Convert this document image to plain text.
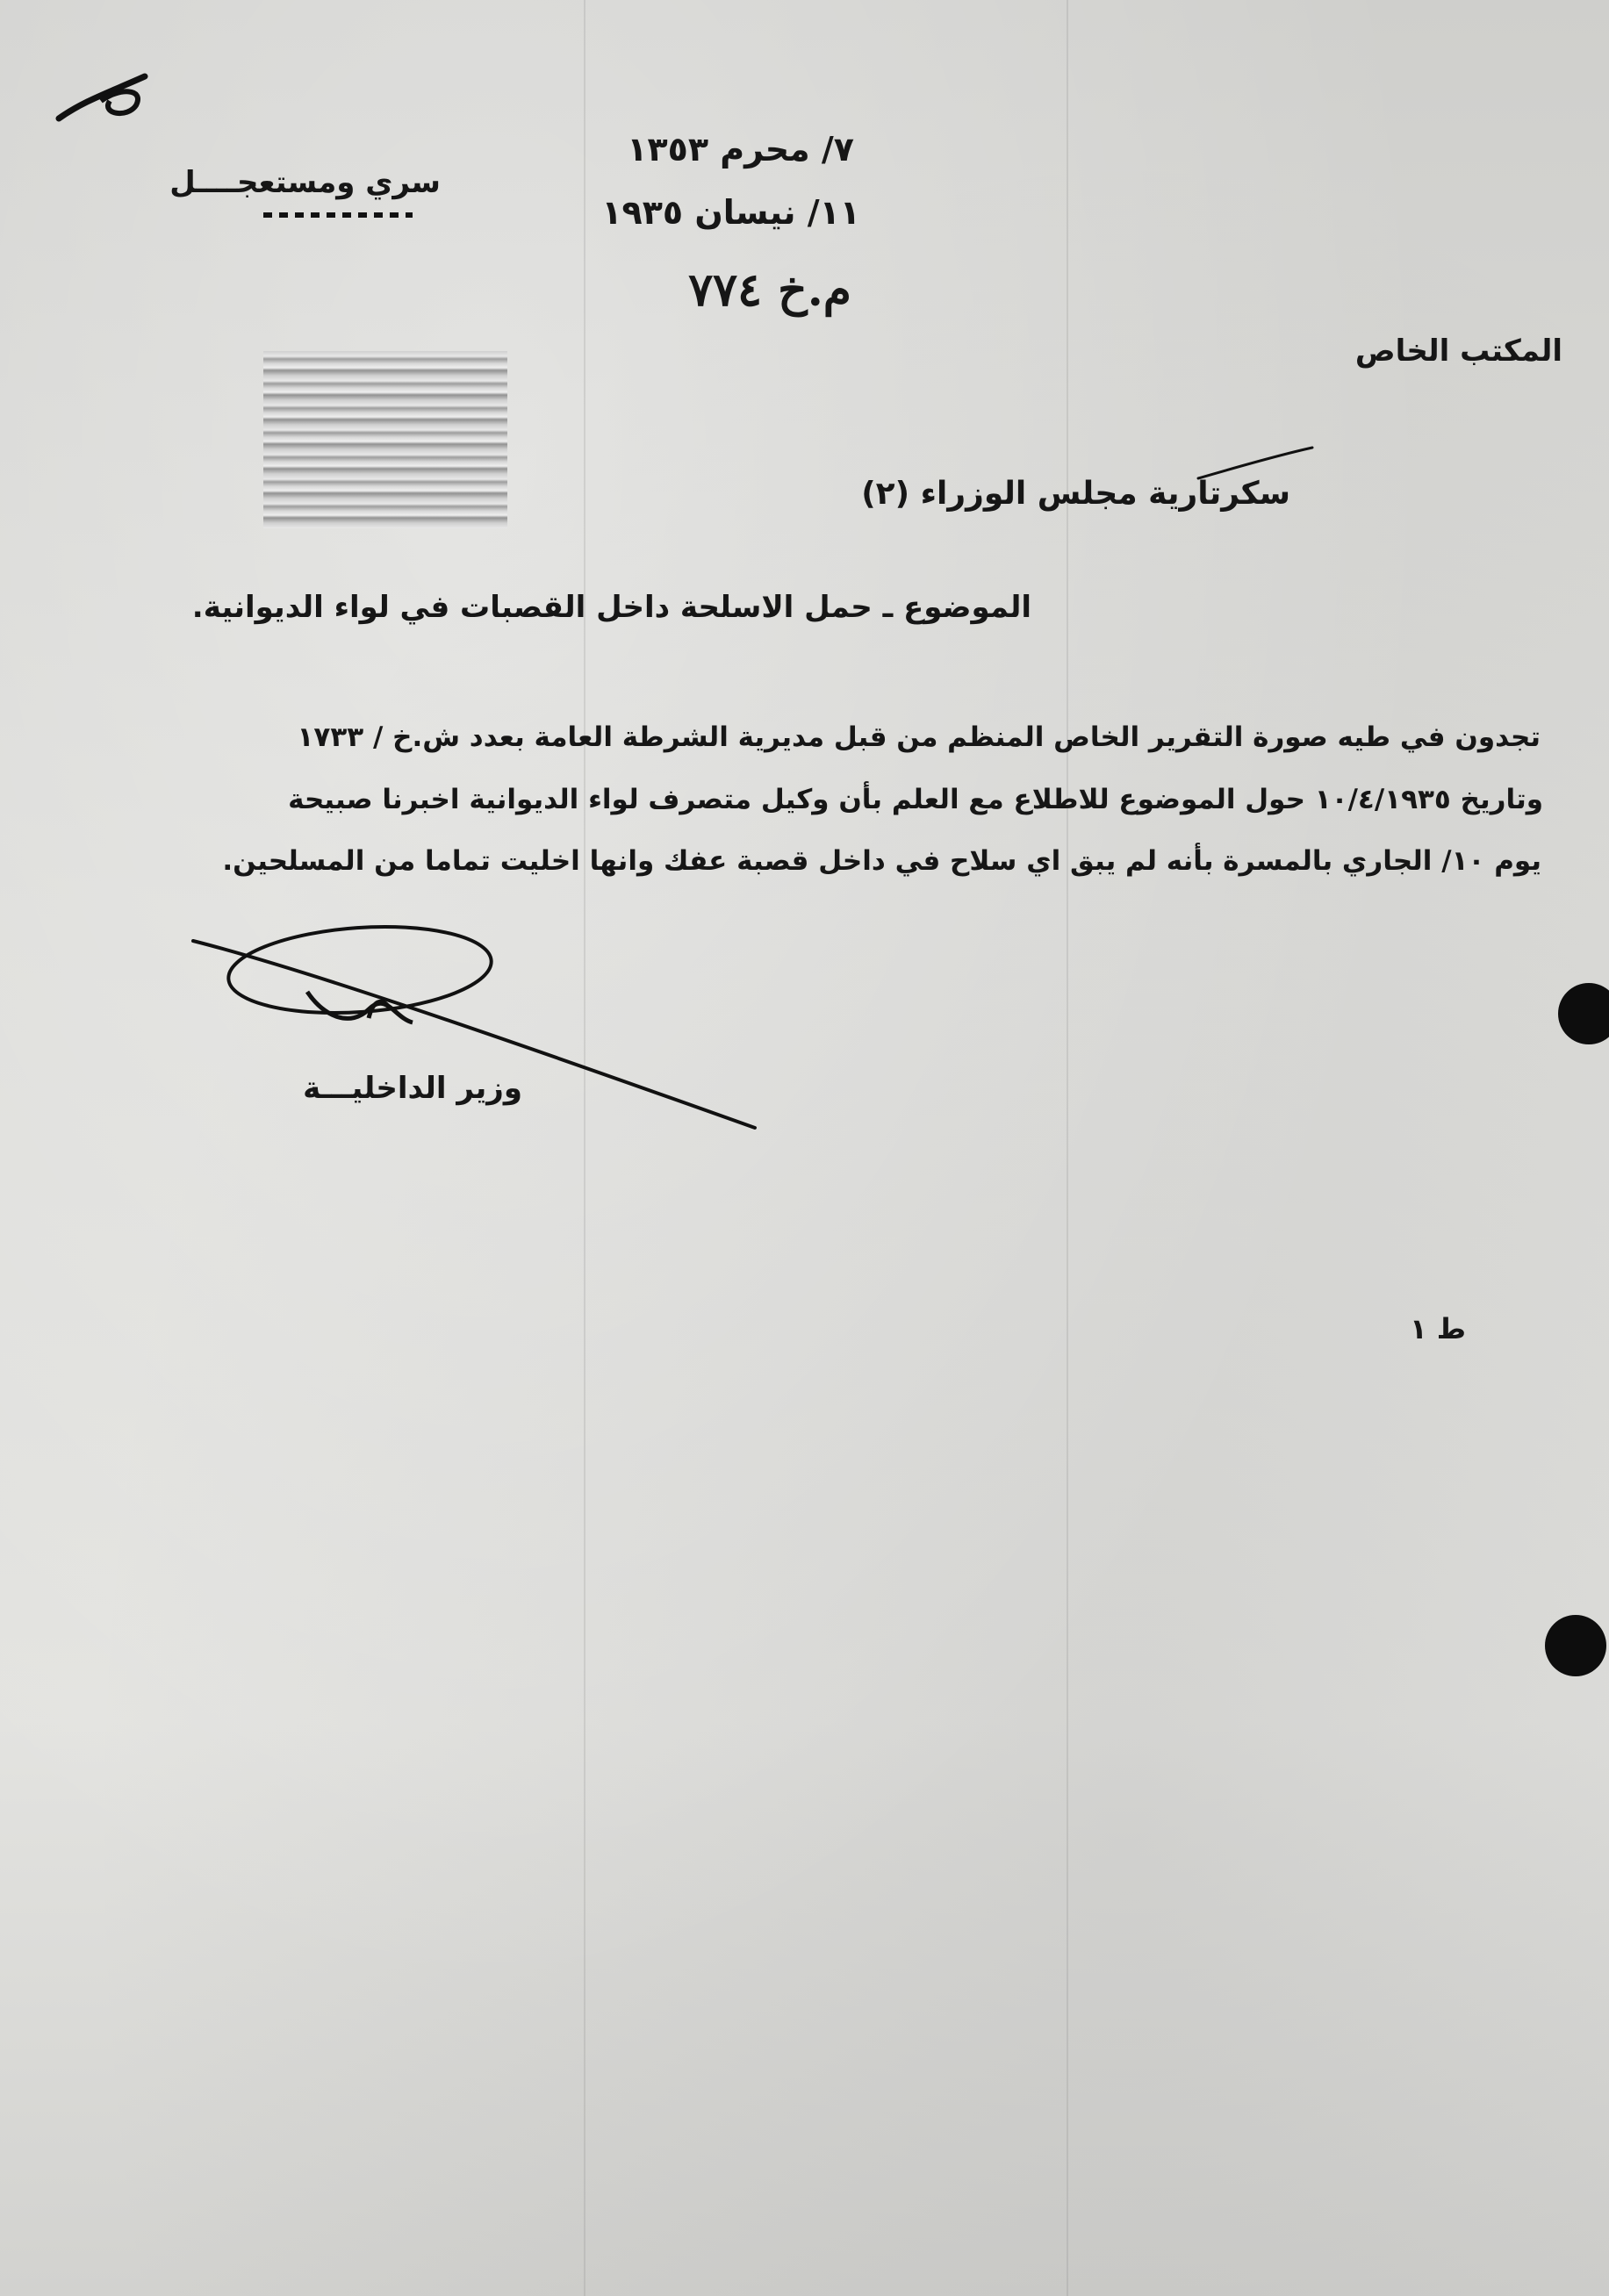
٧/ محرم ١٣٥٣
١١/ نيسان ١٩٣٥
م.خ ٧٧٤
سري ومستعجــــل
المكتب الخاص
سكرتارية مجلس الوزراء (٢)
الموضوع ـ حمل الاسلحة داخل القصبات في لواء الديوانية.
تجدون في طيه صورة التقرير الخاص المنظم من قبل مديرية الشرطة العامة بعدد ش.خ / ١٧٣٣
وتاريخ ١٠/٤/١٩٣٥ حول الموضوع للاطلاع مع العلم بأن وكيل متصرف لواء الديوانية اخبرنا صبيحة
يوم ١٠/ الجاري بالمسرة بأنه لم يبق اي سلاح في داخل قصبة عفك وانها اخليت تماما من المسلحين.
وزير الداخليـــة
ط ١
